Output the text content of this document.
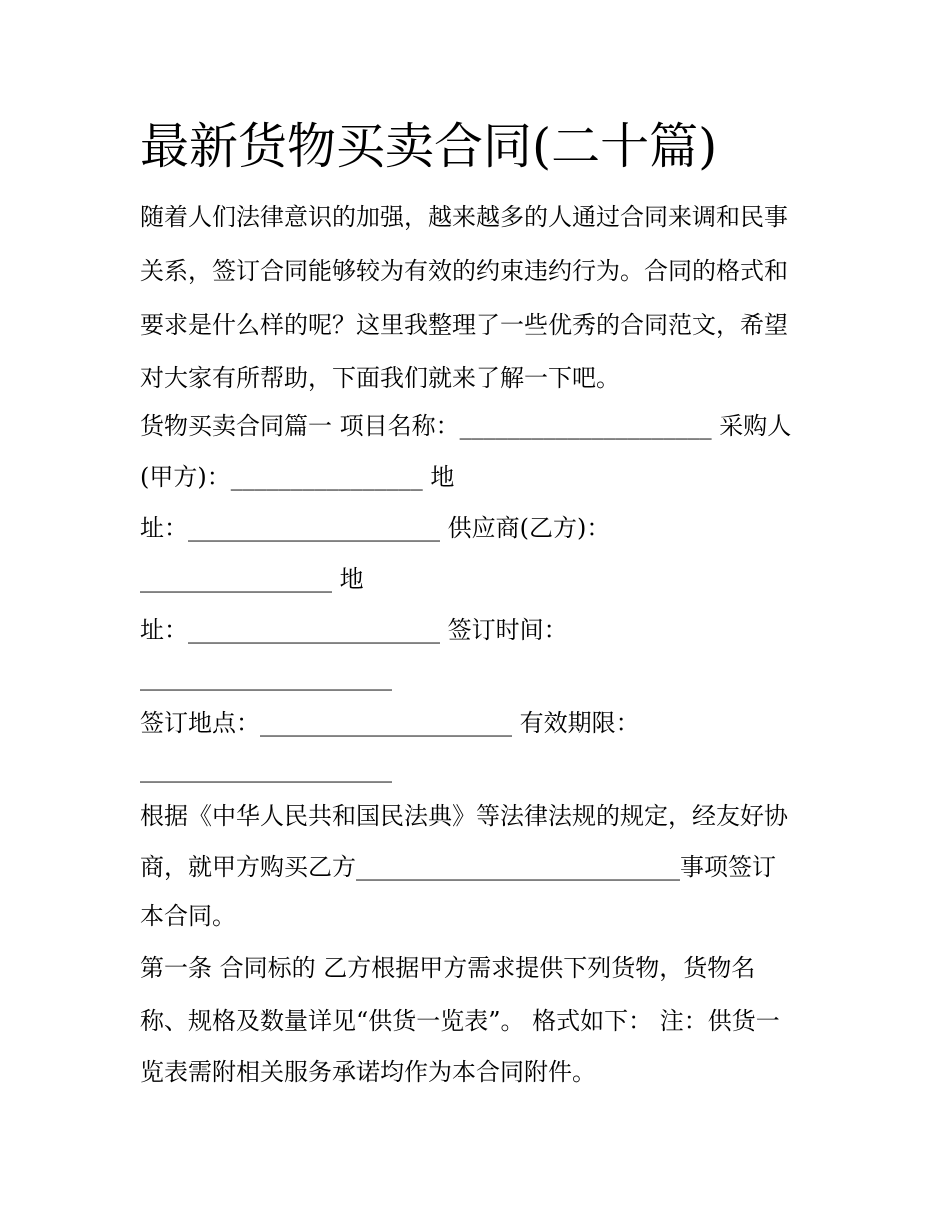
最新货物买卖合同(二十篇)

随着人们法律意识的加强，越来越多的人通过合同来调和民事

关系，签订合同能够较为有效的约束违约行为。合同的格式和

要求是什么样的呢？这里我整理了一些优秀的合同范文，希望

对大家有所帮助，下面我们就来了解一下吧。

货物买卖合同篇一 项目名称：_____________________ 采购人

(甲方)：________________ 地

址：_____________________ 供应商(乙方)：

________________ 地

址：_____________________ 签订时间：

_____________________

签订地点：_____________________ 有效期限：

_____________________

根据《中华人民共和国民法典》等法律法规的规定，经友好协

商，就甲方购买乙方___________________________事项签订

本合同。

第一条 合同标的 乙方根据甲方需求提供下列货物，货物名

称、规格及数量详见“供货一览表”。 格式如下： 注：供货一

览表需附相关服务承诺均作为本合同附件。
